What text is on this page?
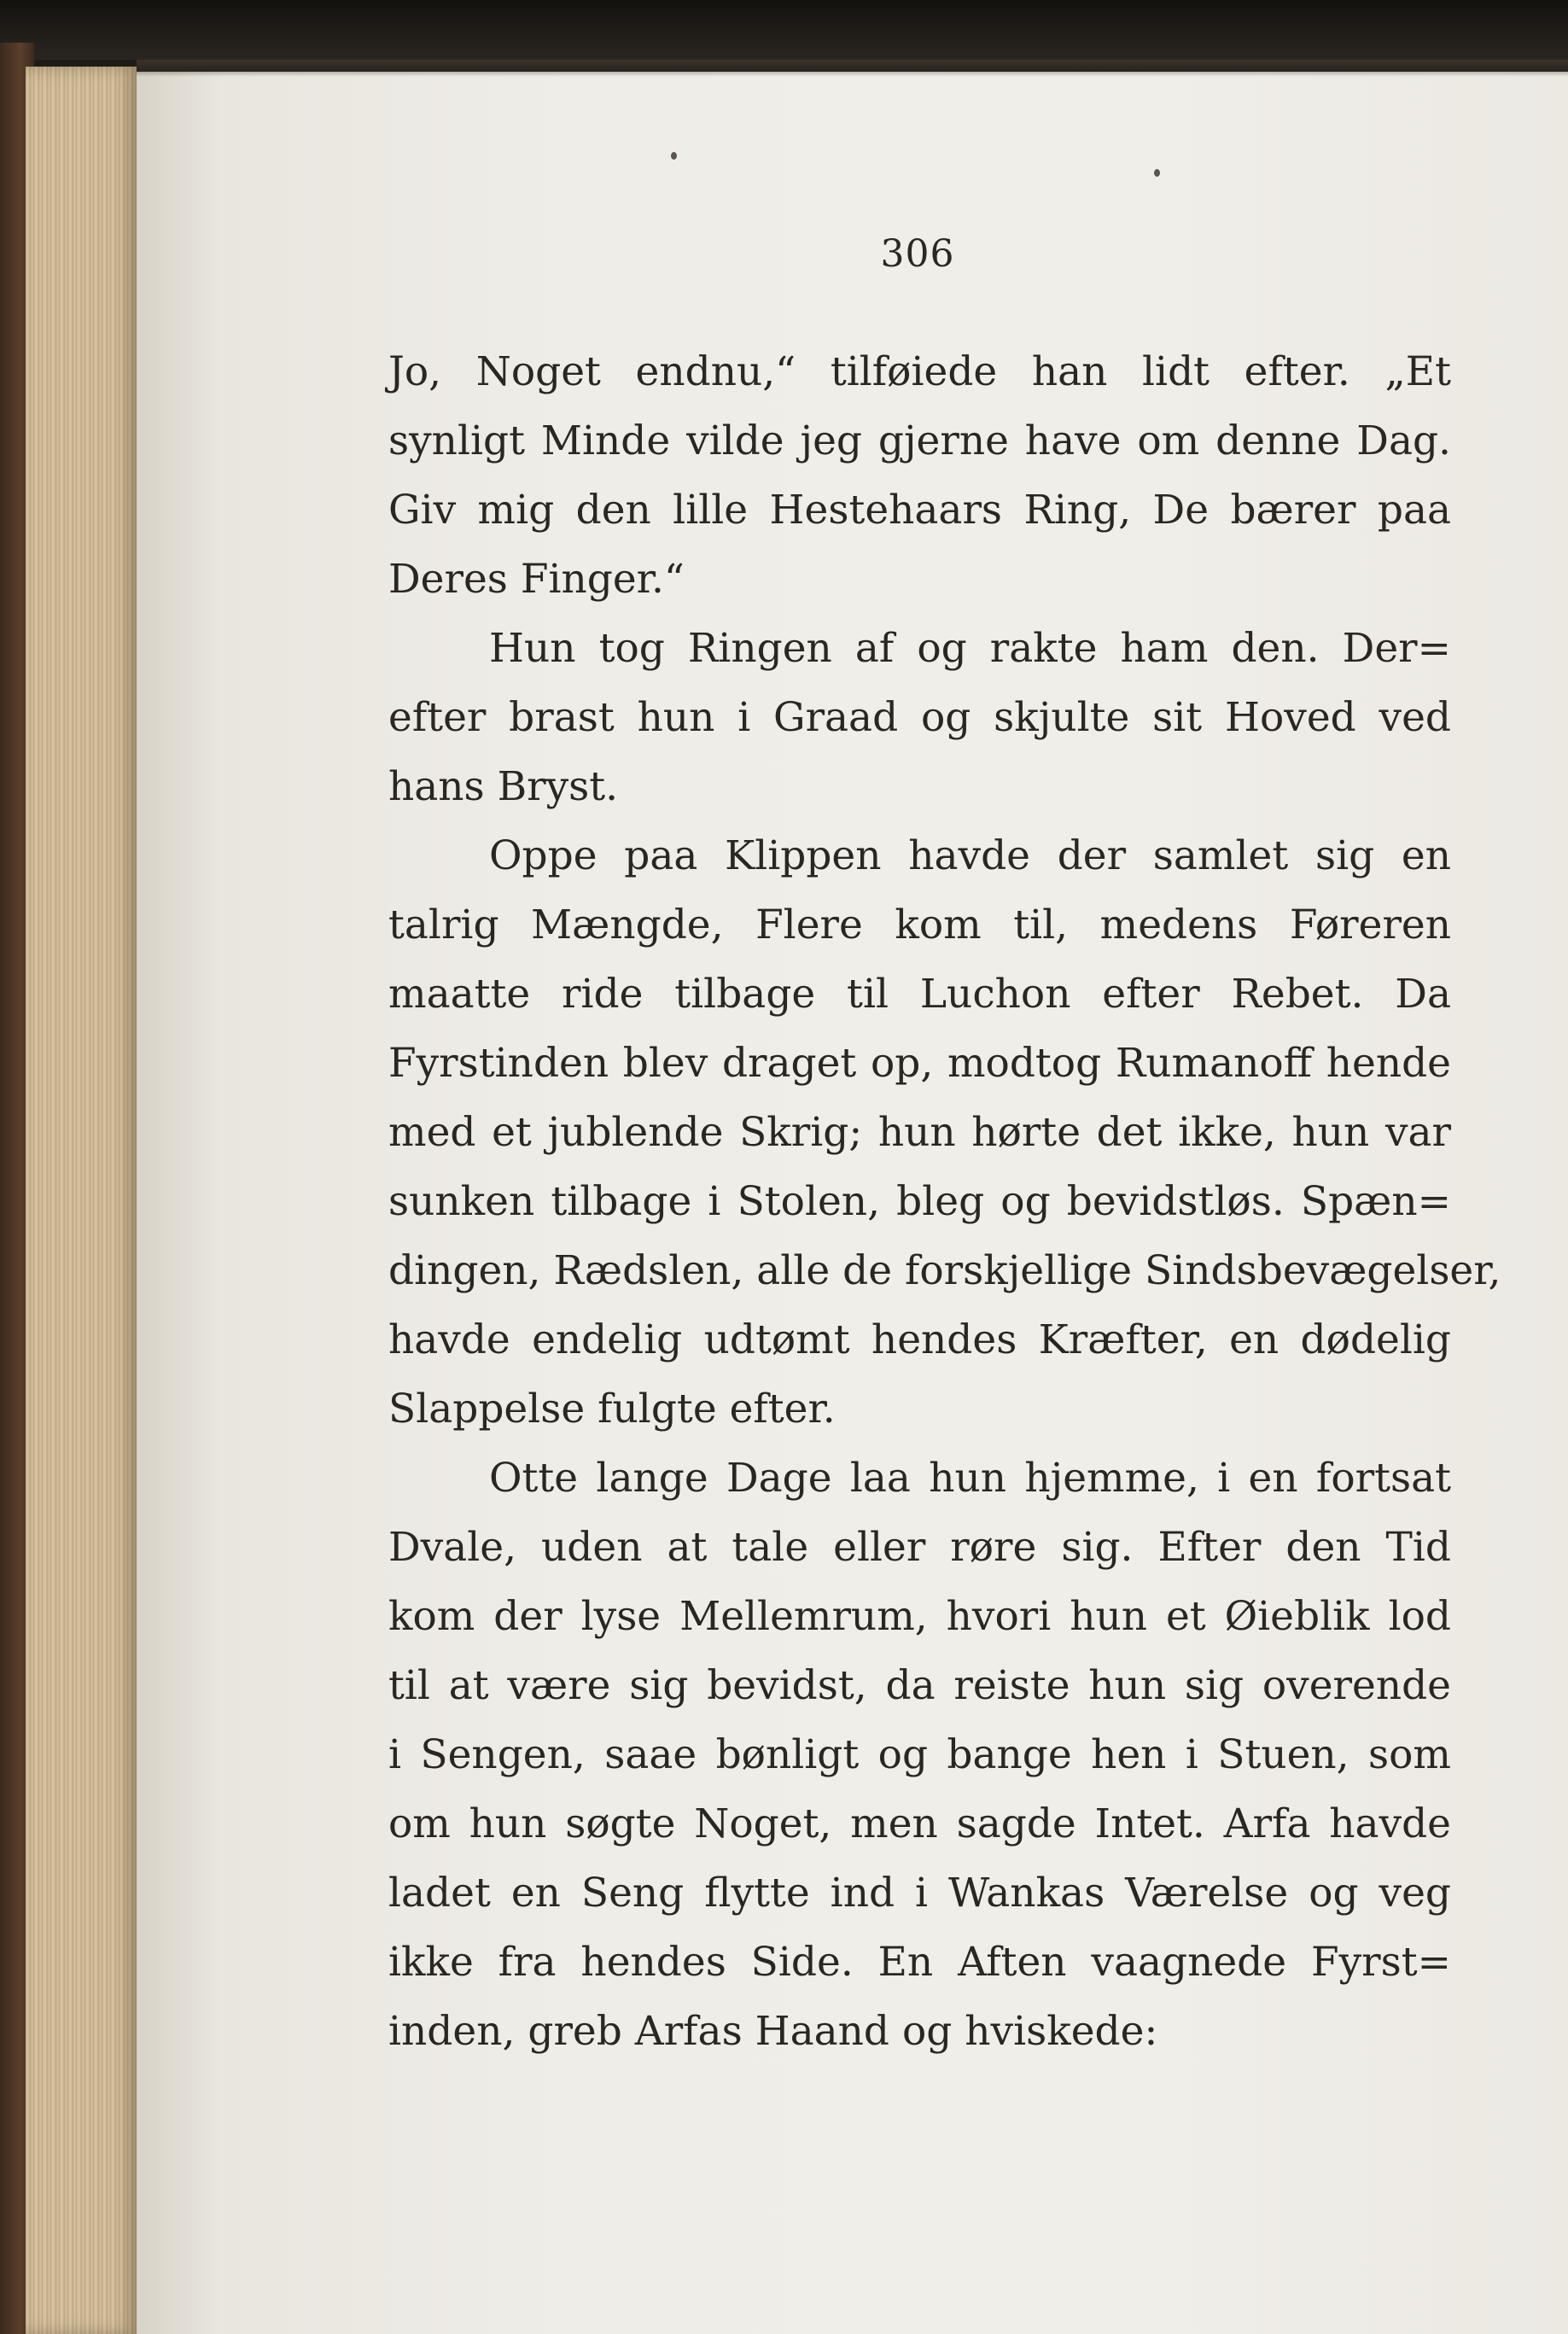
306
Jo, Noget endnu,“ tilføiede han lidt efter. „Et
synligt Minde vilde jeg gjerne have om denne Dag.
Giv mig den lille Hestehaars Ring, De bærer paa
Deres Finger.“
Hun tog Ringen af og rakte ham den. Der=
efter brast hun i Graad og skjulte sit Hoved ved
hans Bryst.
Oppe paa Klippen havde der samlet sig en
talrig Mængde, Flere kom til, medens Føreren
maatte ride tilbage til Luchon efter Rebet. Da
Fyrstinden blev draget op, modtog Rumanoff hende
med et jublende Skrig; hun hørte det ikke, hun var
sunken tilbage i Stolen, bleg og bevidstløs. Spæn=
dingen, Rædslen, alle de forskjellige Sindsbevægelser,
havde endelig udtømt hendes Kræfter, en dødelig
Slappelse fulgte efter.
Otte lange Dage laa hun hjemme, i en fortsat
Dvale, uden at tale eller røre sig. Efter den Tid
kom der lyse Mellemrum, hvori hun et Øieblik lod
til at være sig bevidst, da reiste hun sig overende
i Sengen, saae bønligt og bange hen i Stuen, som
om hun søgte Noget, men sagde Intet. Arfa havde
ladet en Seng flytte ind i Wankas Værelse og veg
ikke fra hendes Side. En Aften vaagnede Fyrst=
inden, greb Arfas Haand og hviskede:
